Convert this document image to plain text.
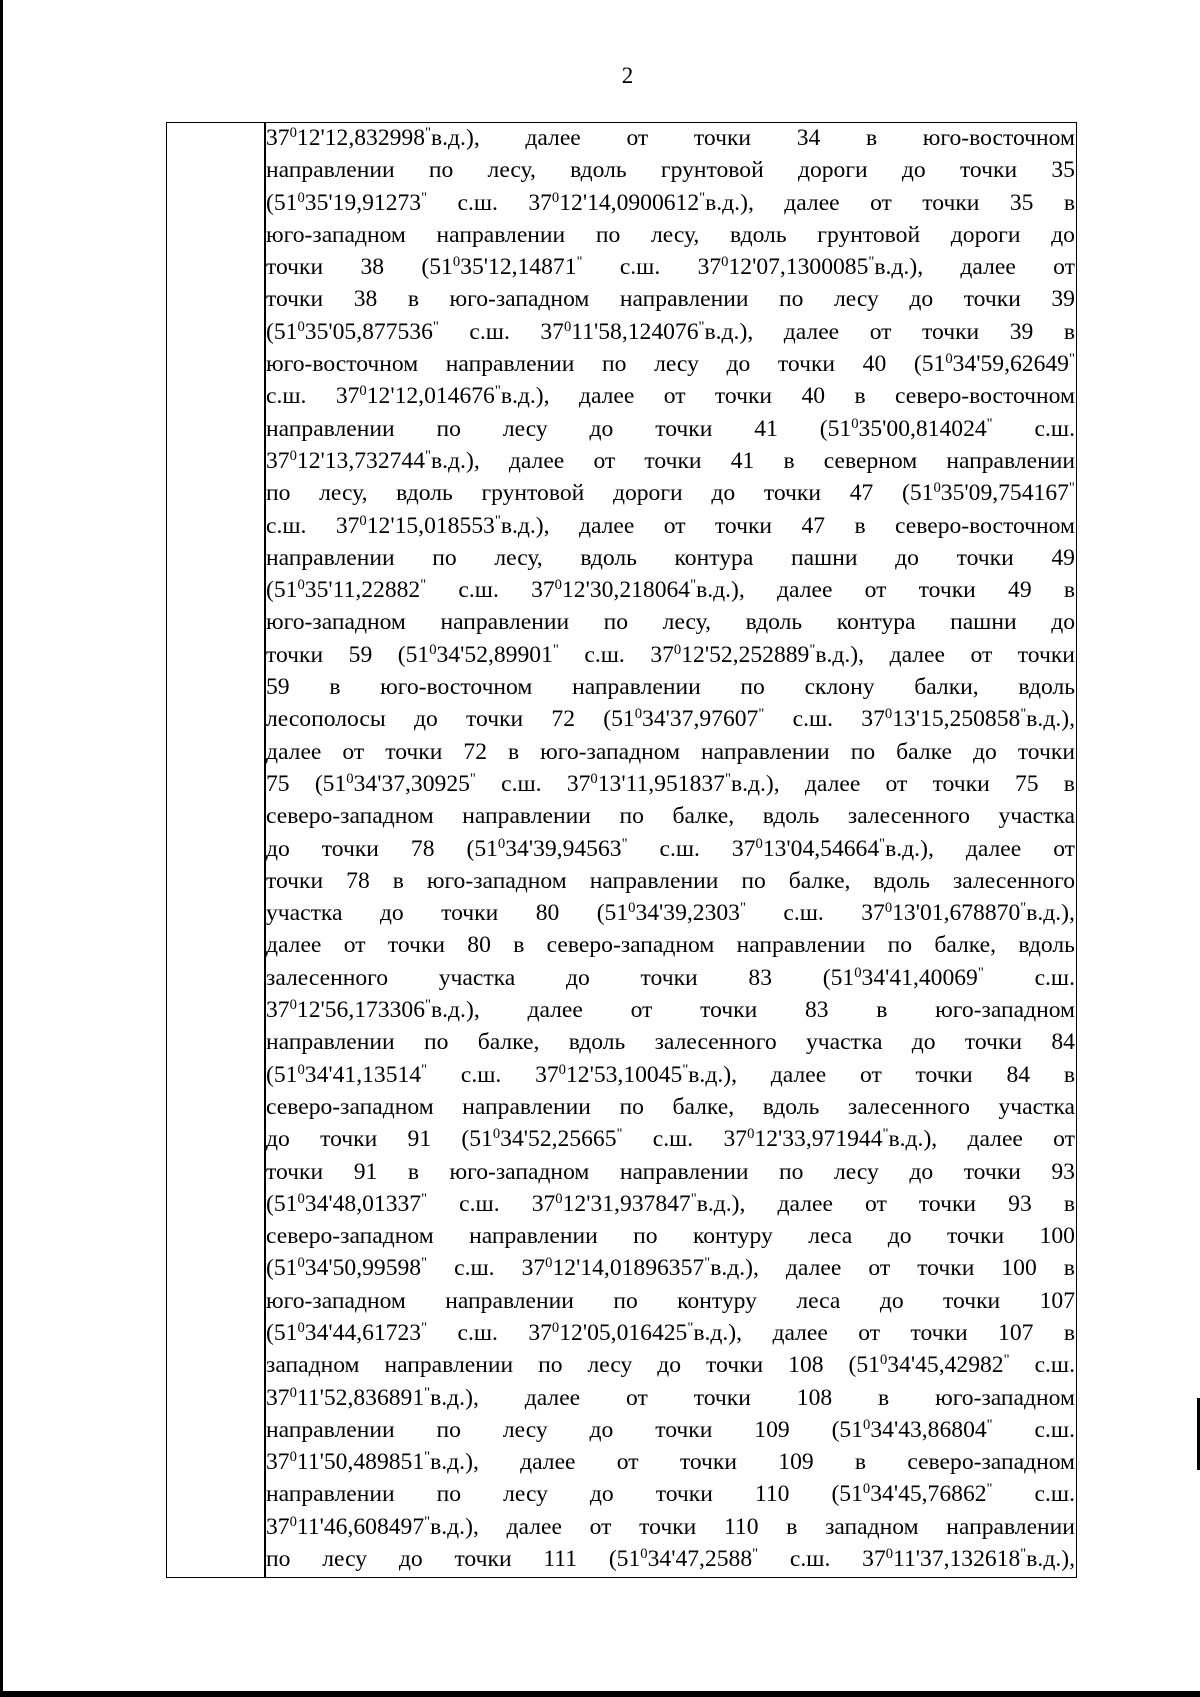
2
$37^012'12,832998^"в.д$.), далее от точки 34 в юго-восточном
направлении по лесу, вдоль грунтовой дороги до точки 35
($51^035'19,91273^"$ с.ш. $37^012'14,0900612^"в.д$.), далее от точки 35 в
юго-западном направлении по лесу, вдоль грунтовой дороги до
точки 38 ($51^035'12,14871^"$ с.ш. $37^012'07,1300085^"в.д$.), далее от
точки 38 в юго-западном направлении по лесу до точки 39
($51^035'05,877536^"$ с.ш. $37^011'58,124076^"в.д$.), далее от точки 39 в
юго-восточном направлении по лесу до точки 40 ($51^034'59,62649^"$
с.ш. $37^012'12,014676^"в.д$.), далее от точки 40 в северо-восточном
направлении по лесу до точки 41 ($51^035'00,814024^"$ с.ш.
$37^012'13,732744^"в.д$.), далее от точки 41 в северном направлении
по лесу, вдоль грунтовой дороги до точки 47 ($51^035'09,754167^"$
с.ш. $37^012'15,018553^"в.д$.), далее от точки 47 в северо-восточном
направлении по лесу, вдоль контура пашни до точки 49
($51^035'11,22882^"$ с.ш. $37^012'30,218064^"в.д$.), далее от точки 49 в
юго-западном направлении по лесу, вдоль контура пашни до
точки 59 ($51^034'52,89901^"$ с.ш. $37^012'52,252889^"в.д$.), далее от точки
59 в юго-восточном направлении по склону балки, вдоль
лесополосы до точки 72 ($51^034'37,97607^"$ с.ш. $37^013'15,250858^"в.д$.),
далее от точки 72 в юго-западном направлении по балке до точки
75 ($51^034'37,30925^"$ с.ш. $37^013'11,951837^"в.д$.), далее от точки 75 в
северо-западном направлении по балке, вдоль залесенного участка
до точки 78 ($51^034'39,94563^"$ с.ш. $37^013'04,54664^"в.д$.), далее от
точки 78 в юго-западном направлении по балке, вдоль залесенного
участка до точки 80 ($51^034'39,2303^"$ с.ш. $37^013'01,678870^"в.д$.),
далее от точки 80 в северо-западном направлении по балке, вдоль
залесенного участка до точки 83 ($51^034'41,40069^"$ с.ш.
$37^012'56,173306^"в.д$.), далее от точки 83 в юго-западном
направлении по балке, вдоль залесенного участка до точки 84
($51^034'41,13514^"$ с.ш. $37^012'53,10045^"в.д$.), далее от точки 84 в
северо-западном направлении по балке, вдоль залесенного участка
до точки 91 ($51^034'52,25665^"$ с.ш. $37^012'33,971944^"в.д$.), далее от
точки 91 в юго-западном направлении по лесу до точки 93
($51^034'48,01337^"$ с.ш. $37^012'31,937847^"в.д$.), далее от точки 93 в
северо-западном направлении по контуру леса до точки 100
($51^034'50,99598^"$ с.ш. $37^012'14,01896357^"в.д$.), далее от точки 100 в
юго-западном направлении по контуру леса до точки 107
($51^034'44,61723^"$ с.ш. $37^012'05,016425^"в.д$.), далее от точки 107 в
западном направлении по лесу до точки 108 ($51^034'45,42982^"$ с.ш.
$37^011'52,836891^"в.д$.), далее от точки 108 в юго-западном
направлении по лесу до точки 109 ($51^034'43,86804^"$ с.ш.
$37^011'50,489851^"в.д$.), далее от точки 109 в северо-западном
направлении по лесу до точки 110 ($51^034'45,76862^"$ с.ш.
$37^011'46,608497^"в.д$.), далее от точки 110 в западном направлении
по лесу до точки 111 ($51^034'47,2588^"$ с.ш. $37^011'37,132618^"в.д$.),
